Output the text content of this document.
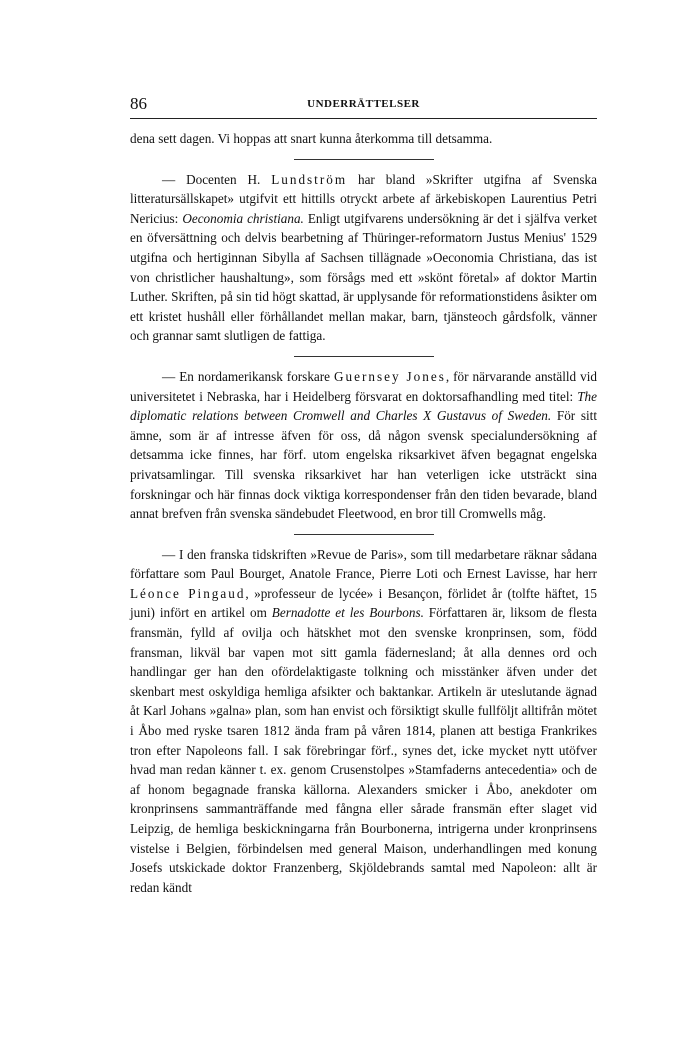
86	UNDERRÄTTELSER

dena sett dagen. Vi hoppas att snart kunna återkomma till detsamma.

— Docenten H. Lundström har bland »Skrifter utgifna af Svenska litteratursällskapet» utgifvit ett hittills otryckt arbete af ärkebiskopen Laurentius Petri Nericius: Oeconomia christiana. Enligt utgifvarens undersökning är det i själfva verket en öfversättning och delvis bearbetning af Thüringer-reformatorn Justus Menius' 1529 utgifna och hertiginnan Sibylla af Sachsen tillägnade »Oeconomia Christiana, das ist von christlicher haushaltung», som försågs med ett »skönt företal» af doktor Martin Luther. Skriften, på sin tid högt skattad, är upplysande för reformationstidens åsikter om ett kristet hushåll eller förhållandet mellan makar, barn, tjänsteoch gårdsfolk, vänner och grannar samt slutligen de fattiga.

— En nordamerikansk forskare Guernsey Jones, för närvarande anställd vid universitetet i Nebraska, har i Heidelberg försvarat en doktorsafhandling med titel: The diplomatic relations between Cromwell and Charles X Gustavus of Sweden. För sitt ämne, som är af intresse äfven för oss, då någon svensk specialundersökning af detsamma icke finnes, har förf. utom engelska riksarkivet äfven begagnat engelska privatsamlingar. Till svenska riksarkivet har han veterligen icke utsträckt sina forskningar och här finnas dock viktiga korrespondenser från den tiden bevarade, bland annat brefven från svenska sändebudet Fleetwood, en bror till Cromwells måg.

— I den franska tidskriften »Revue de Paris», som till medarbetare räknar sådana författare som Paul Bourget, Anatole France, Pierre Loti och Ernest Lavisse, har herr Léonce Pingaud, »professeur de lycée» i Besançon, förlidet år (tolfte häftet, 15 juni) infört en artikel om Bernadotte et les Bourbons. Författaren är, liksom de flesta fransmän, fylld af ovilja och hätskhet mot den svenske kronprinsen, som, född fransman, likväl bar vapen mot sitt gamla fädernesland; åt alla dennes ord och handlingar ger han den ofördelaktigaste tolkning och misstänker äfven under det skenbart mest oskyldiga hemliga afsikter och baktankar. Artikeln är uteslutande ägnad åt Karl Johans »galna» plan, som han envist och försiktigt skulle fullföljt alltifrån mötet i Åbo med ryske tsaren 1812 ända fram på våren 1814, planen att bestiga Frankrikes tron efter Napoleons fall. I sak förebringar förf., synes det, icke mycket nytt utöfver hvad man redan känner t. ex. genom Crusenstolpes »Stamfaderns antecedentia» och de af honom begagnade franska källorna. Alexanders smicker i Åbo, anekdoter om kronprinsens sammanträffande med fångna eller sårade fransmän efter slaget vid Leipzig, de hemliga beskickningarna från Bourbonerna, intrigerna under kronprinsens vistelse i Belgien, förbindelsen med general Maison, underhandlingen med konung Josefs utskickade doktor Franzenberg, Skjöldebrands samtal med Napoleon: allt är redan kändt
